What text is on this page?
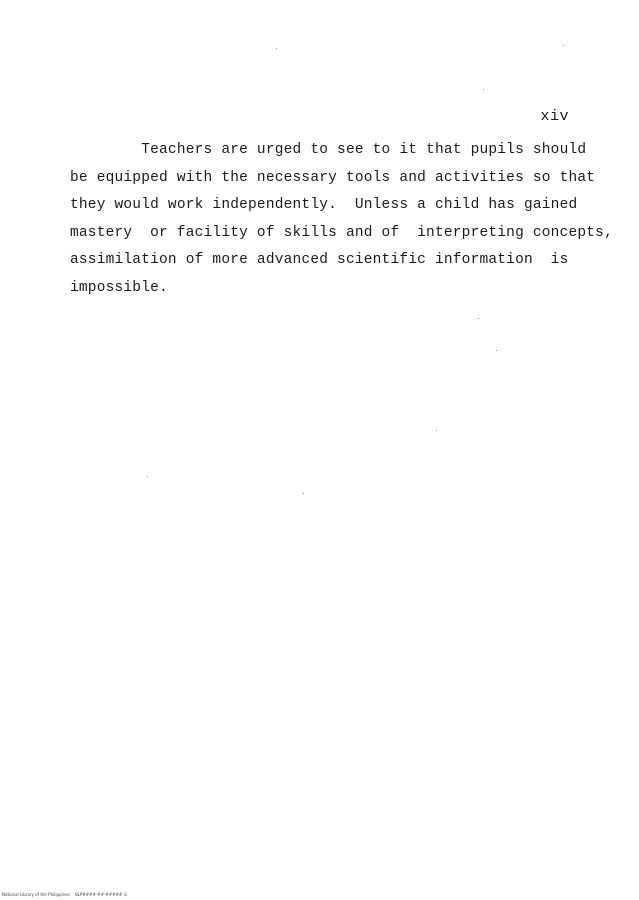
xiv
Teachers are urged to see to it that pupils should
be equipped with the necessary tools and activities so that
they would work independently.  Unless a child has gained
mastery  or facility of skills and of  interpreting concepts,
assimilation of more advanced scientific information  is
impossible.
National Library of the Philippines    NLP####-##-##### iii
